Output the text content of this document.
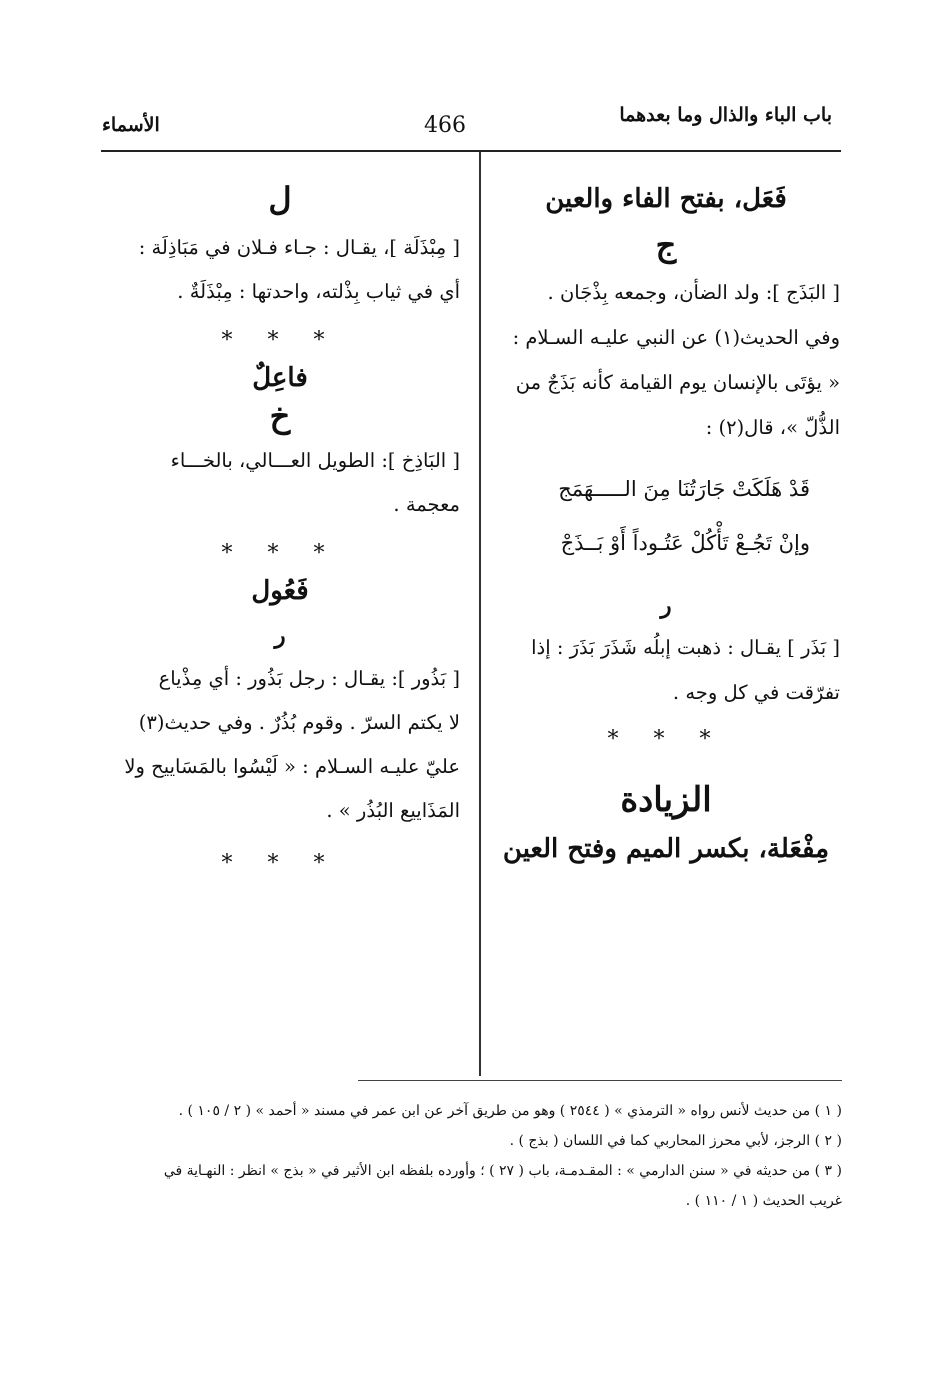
باب الباء والذال وما بعدهما
466
الأسماء
فَعَل، بفتح الفاء والعين
ج
[ البَذَج ]: ولد الضأن، وجمعه بِذْجَان .
وفي الحديث(١) عن النبي عليـه السـلام :
« يؤتَى بالإنسان يوم القيامة كأنه بَذَجٌ من
الذُّلّ »، قال(٢) :
قَدْ هَلَكَتْ جَارَتُنَا مِنَ الـــــهَمَج
وإنْ تَجُـعْ تَأْكُلْ عَتُـوداً أَوْ بَــذَجْ
ر
[ بَذَر ] يقـال : ذهبت إبلُه شَذَرَ بَذَرَ : إذا
تفرّقت في كل وجه .
* * *
الزيادة
مِفْعَلة، بكسر الميم وفتح العين
ل
[ مِبْذَلَة ]، يقـال : جـاء فـلان في مَبَاذِلَة :
أي في ثياب بِذْلته، واحدتها : مِبْذَلَةٌ .
* * *
فاعِلٌ
خ
[ البَاذِخ ]: الطويل العـــالي، بالخـــاء
معجمة .
* * *
فَعُول
ر
[ بَذُور ]: يقـال : رجل بَذُور : أي مِذْياع
لا يكتم السرّ . وقوم بُذُرٌ . وفي حديث(٣)
عليّ عليـه السـلام : « لَيْسُوا بالمَسَاييح ولا
المَذَاييع البُذُر » .
* * *
( ١ ) من حديث لأنس رواه « الترمذي » ( ٢٥٤٤ ) وهو من طريق آخر عن ابن عمر في مسند « أحمد » ( ٢ / ١٠٥ ) .
( ٢ ) الرجز، لأبي محرز المحاربي كما في اللسان ( بذج ) .
( ٣ ) من حديثه في « سنن الدارمي » : المقـدمـة، باب ( ٢٧ ) ؛ وأورده بلفظه ابن الأثير في « بذج » انظر : النهـاية في
غريب الحديث ( ١ / ١١٠ ) .
